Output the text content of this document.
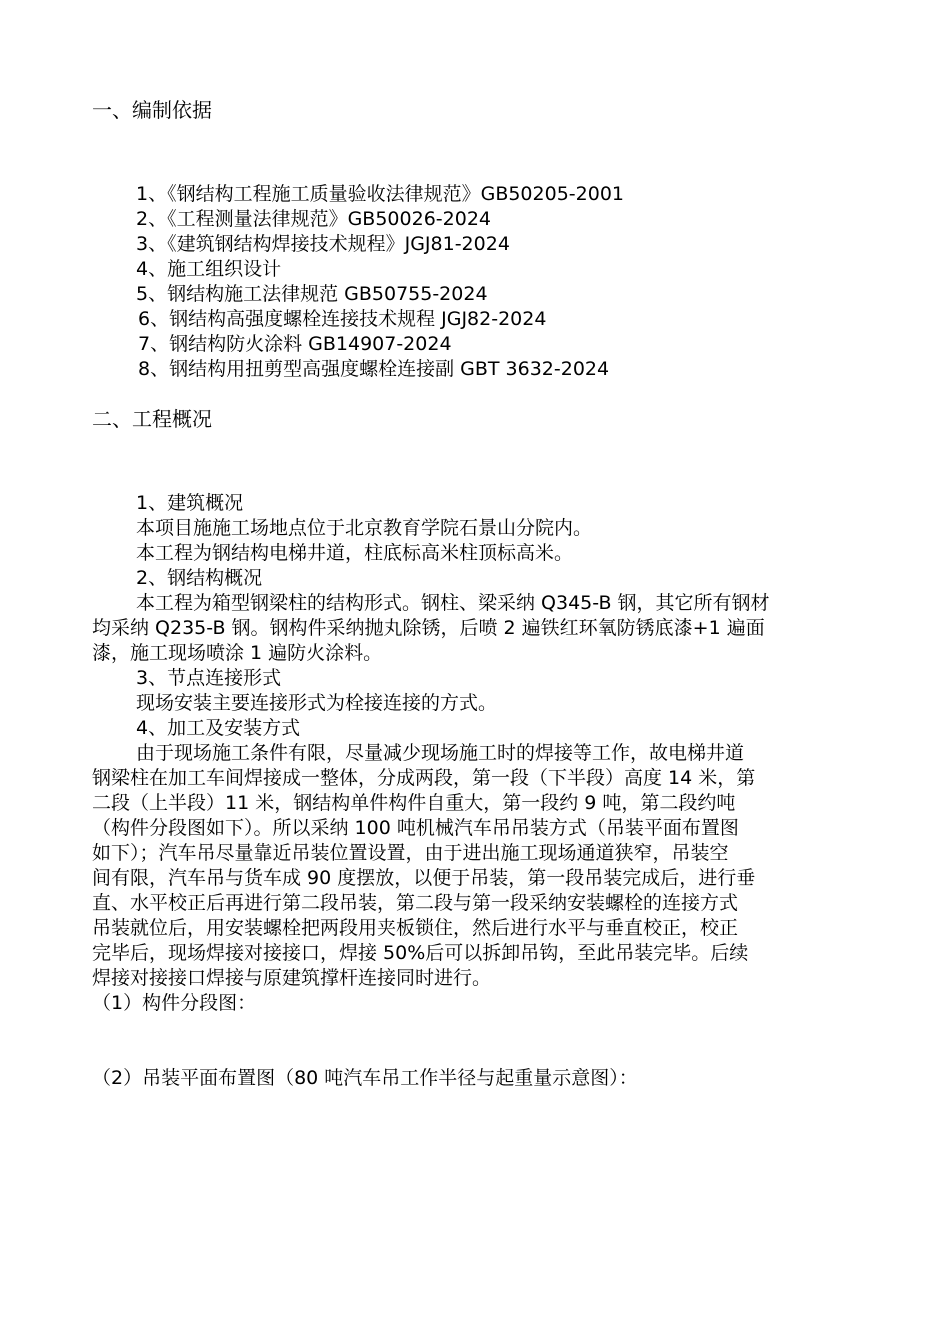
一、编制依据
1、《钢结构工程施工质量验收法律规范》GB50205-2001
2、《工程测量法律规范》GB50026-2024
3、《建筑钢结构焊接技术规程》JGJ81-2024
4、施工组织设计
5、钢结构施工法律规范 GB50755-2024
6、钢结构高强度螺栓连接技术规程 JGJ82-2024
7、钢结构防火涂料 GB14907-2024
8、钢结构用扭剪型高强度螺栓连接副 GBT 3632-2024
二、工程概况
1、建筑概况
本项目施施工场地点位于北京教育学院石景山分院内。
本工程为钢结构电梯井道，柱底标高米柱顶标高米。
2、钢结构概况
本工程为箱型钢梁柱的结构形式。钢柱、梁采纳 Q345-B 钢，其它所有钢材
均采纳 Q235-B 钢。钢构件采纳抛丸除锈，后喷 2 遍铁红环氧防锈底漆+1 遍面
漆，施工现场喷涂 1 遍防火涂料。
3、节点连接形式
现场安装主要连接形式为栓接连接的方式。
4、加工及安装方式
由于现场施工条件有限，尽量减少现场施工时的焊接等工作，故电梯井道
钢梁柱在加工车间焊接成一整体，分成两段，第一段（下半段）高度 14 米，第
二段（上半段）11 米，钢结构单件构件自重大，第一段约 9 吨，第二段约吨
（构件分段图如下）。所以采纳 100 吨机械汽车吊吊装方式（吊装平面布置图
如下）；汽车吊尽量靠近吊装位置设置，由于进出施工现场通道狭窄，吊装空
间有限，汽车吊与货车成 90 度摆放，以便于吊装，第一段吊装完成后，进行垂
直、水平校正后再进行第二段吊装，第二段与第一段采纳安装螺栓的连接方式
吊装就位后，用安装螺栓把两段用夹板锁住，然后进行水平与垂直校正，校正
完毕后，现场焊接对接接口，焊接 50%后可以拆卸吊钩，至此吊装完毕。后续
焊接对接接口焊接与原建筑撑杆连接同时进行。
（1）构件分段图：
（2）吊装平面布置图（80 吨汽车吊工作半径与起重量示意图）：
